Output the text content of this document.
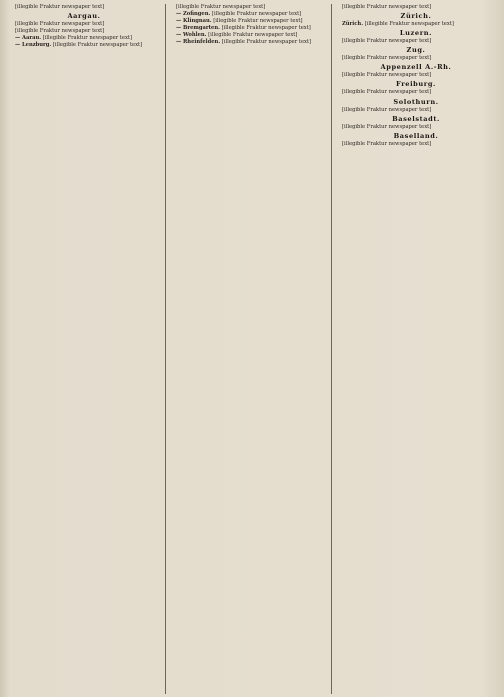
[illegible Fraktur newspaper text]
Aargau.
[illegible Fraktur newspaper text]
[illegible Fraktur newspaper text]
— Aarau. [illegible Fraktur newspaper text]
— Lenzburg. [illegible Fraktur newspaper text]
[illegible Fraktur newspaper text]
— Zofingen. [illegible Fraktur newspaper text]
— Klingnau. [illegible Fraktur newspaper text]
— Bremgarten. [illegible Fraktur newspaper text]
— Wohlen. [illegible Fraktur newspaper text]
— Rheinfelden. [illegible Fraktur newspaper text]
[illegible Fraktur newspaper text]
Zürich.
Zürich. [illegible Fraktur newspaper text]
Luzern.
[illegible Fraktur newspaper text]
Zug.
[illegible Fraktur newspaper text]
Appenzell A.-Rh.
[illegible Fraktur newspaper text]
Freiburg.
[illegible Fraktur newspaper text]
Solothurn.
[illegible Fraktur newspaper text]
Baselstadt.
[illegible Fraktur newspaper text]
Baselland.
[illegible Fraktur newspaper text]
